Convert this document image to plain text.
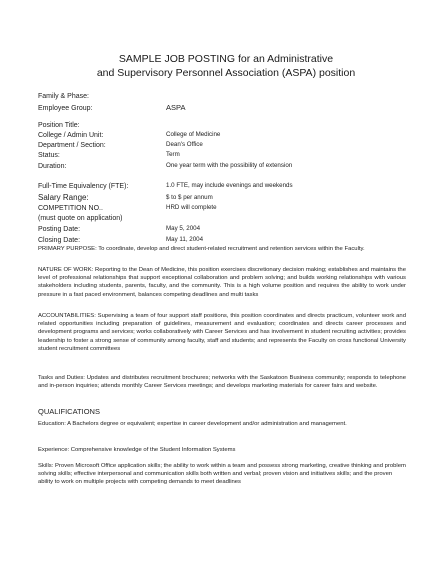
SAMPLE JOB POSTING for an Administrative
and Supervisory Personnel Association (ASPA) position
Family & Phase:
Employee Group:	ASPA
Position Title:
College / Admin Unit:	College of Medicine
Department / Section:	Dean's Office
Status:	Term
Duration:	One year term with the possibility of extension
Full-Time Equivalency (FTE):	1.0 FTE, may include evenings and weekends
Salary Range:	$ to $ per annum
COMPETITION NO..	HRD will complete
(must quote on application)
Posting Date:	May 5, 2004
Closing Date:	May 11, 2004
PRIMARY PURPOSE: To coordinate, develop and direct student-related recruitment and retention services within the Faculty.
NATURE OF WORK: Reporting to the Dean of Medicine, this position exercises discretionary decision making; establishes and maintains the level of professional relationships that support exceptional collaboration and problem solving; and builds working relationships with various stakeholders including students, parents, faculty, and the community. This is a high volume position and requires the ability to work under pressure in a fast paced environment, balances competing deadlines and multi tasks
ACCOUNTABILITIES: Supervising a team of four support staff positions, this position coordinates and directs practicum, volunteer work and related opportunities including preparation of guidelines, measurement and evaluation; coordinates and directs career processes and development programs and services; works collaboratively with Career Services and has involvement in student recruiting activities; provides leadership to foster a strong sense of community among faculty, staff and students; and represents the Faculty on cross functional University student recruitment committees
Tasks and Duties: Updates and distributes recruitment brochures; networks with the Saskatoon Business community; responds to telephone and in-person inquiries; attends monthly Career Services meetings; and develops marketing materials for career fairs and website.
QUALIFICATIONS
Education: A Bachelors degree or equivalent; expertise in career development and/or administration and management.
Experience: Comprehensive knowledge of the Student Information Systems
Skills: Proven Microsoft Office application skills; the ability to work within a team and possess strong marketing, creative thinking and problem solving skills; effective interpersonal and communication skills both written and verbal; proven vision and initiatives skills; and the proven ability to work on multiple projects with competing demands to meet deadlines
